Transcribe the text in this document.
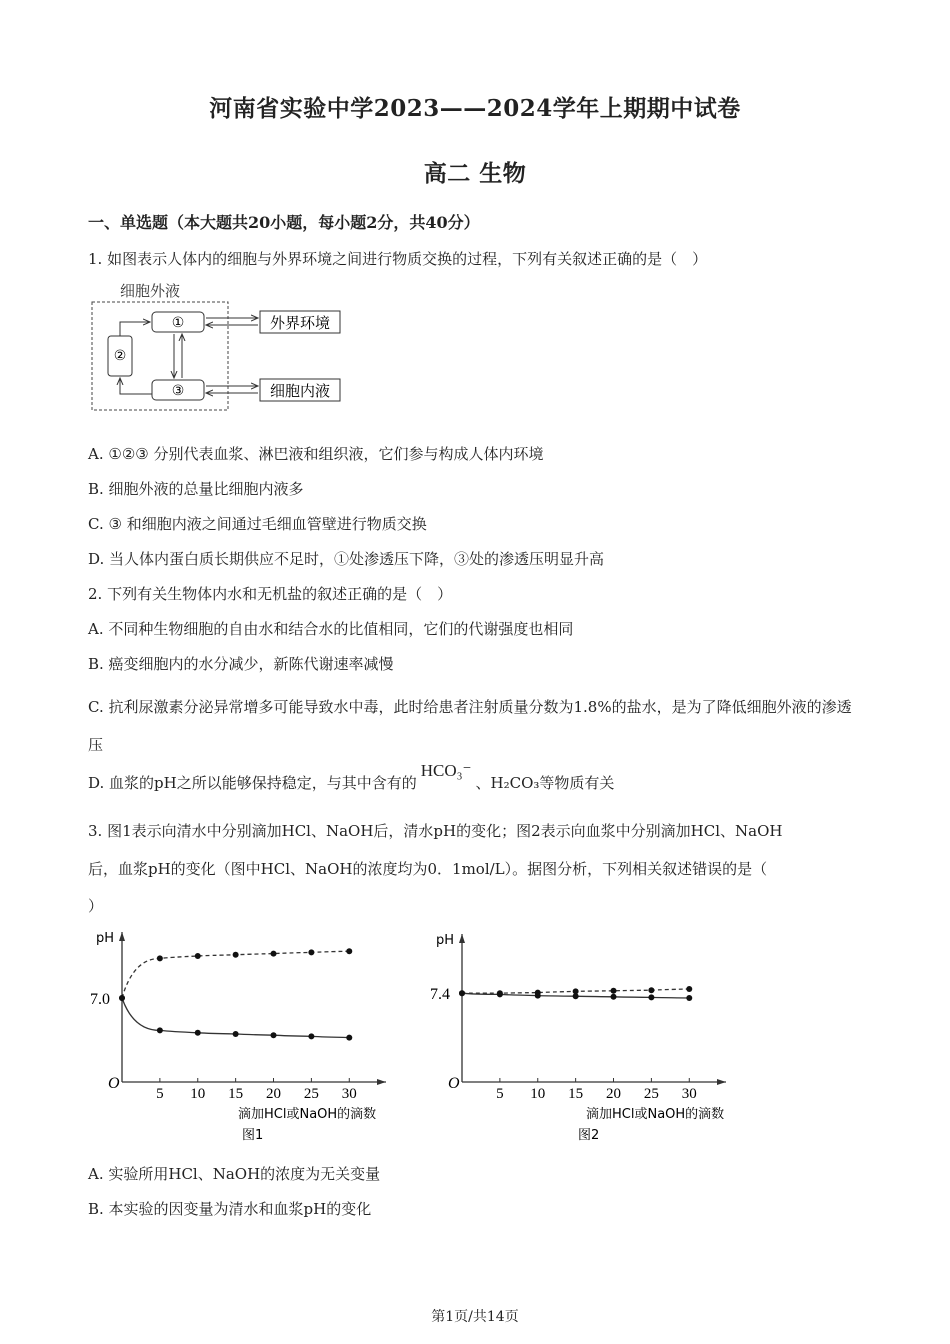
河南省实验中学2023——2024学年上期期中试卷
高二 生物
一、单选题（本大题共20小题，每小题2分，共40分）
1. 如图表示人体内的细胞与外界环境之间进行物质交换的过程，下列有关叙述正确的是（　）
细胞外液
①
②
③
外界环境
细胞内液
A. ①②③ 分别代表血浆、淋巴液和组织液，它们参与构成人体内环境
B. 细胞外液的总量比细胞内液多
C. ③ 和细胞内液之间通过毛细血管壁进行物质交换
D. 当人体内蛋白质长期供应不足时，①处渗透压下降，③处的渗透压明显升高
2. 下列有关生物体内水和无机盐的叙述正确的是（　）
A. 不同种生物细胞的自由水和结合水的比值相同，它们的代谢强度也相同
B. 癌变细胞内的水分减少，新陈代谢速率减慢
C. 抗利尿激素分泌异常增多可能导致水中毒，此时给患者注射质量分数为1.8%的盐水，是为了降低细胞外液的渗透压
D. 血浆的pH之所以能够保持稳定，与其中含有的HCO₃⁻、H₂CO₃等物质有关
3. 图1表示向清水中分别滴加HCl、NaOH后，清水pH的变化；图2表示向血浆中分别滴加HCl、NaOH
后，血浆pH的变化（图中HCl、NaOH的浓度均为0．1mol/L）。据图分析，下列相关叙述错误的是（
）
pH
O
7.0
5 10 15 20 25 30
滴加HCl或NaOH的滴数
图1
pH
O
7.4
5 10 15 20 25 30
滴加HCl或NaOH的滴数
图2
A. 实验所用HCl、NaOH的浓度为无关变量
B. 本实验的因变量为清水和血浆pH的变化
第1页/共14页
